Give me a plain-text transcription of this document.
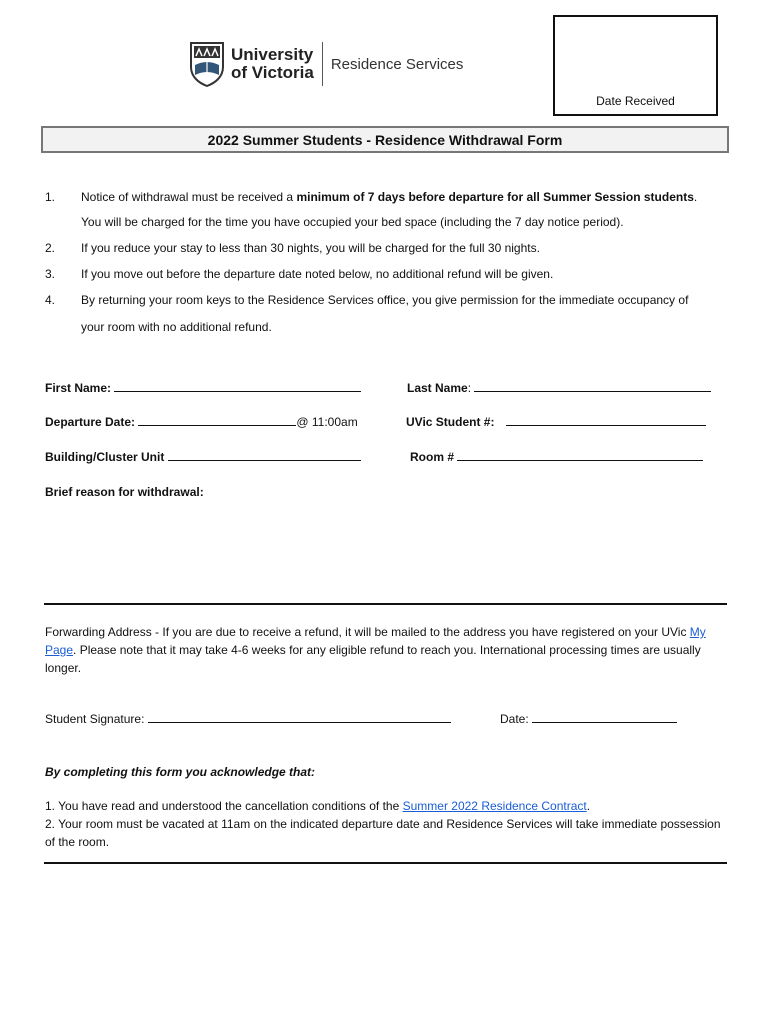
University
of Victoria Residence Services
Date Received
2022 Summer Students - Residence Withdrawal Form
1. Notice of withdrawal must be received a minimum of 7 days before departure for all Summer Session students.
You will be charged for the time you have occupied your bed space (including the 7 day notice period).
2. If you reduce your stay to less than 30 nights, you will be charged for the full 30 nights.
3. If you move out before the departure date noted below, no additional refund will be given.
4. By returning your room keys to the Residence Services office, you give permission for the immediate occupancy of
your room with no additional refund.
First Name:	Last Name:
Departure Date:	@ 11:00am	UVic Student #:
Building/Cluster Unit	Room #
Brief reason for withdrawal:
Forwarding Address - If you are due to receive a refund, it will be mailed to the address you have registered on your UVic My Page. Please note that it may take 4-6 weeks for any eligible refund to reach you. International processing times are usually longer.
Student Signature:	Date:
By completing this form you acknowledge that:
1. You have read and understood the cancellation conditions of the Summer 2022 Residence Contract.
2. Your room must be vacated at 11am on the indicated departure date and Residence Services will take immediate possession of the room.
